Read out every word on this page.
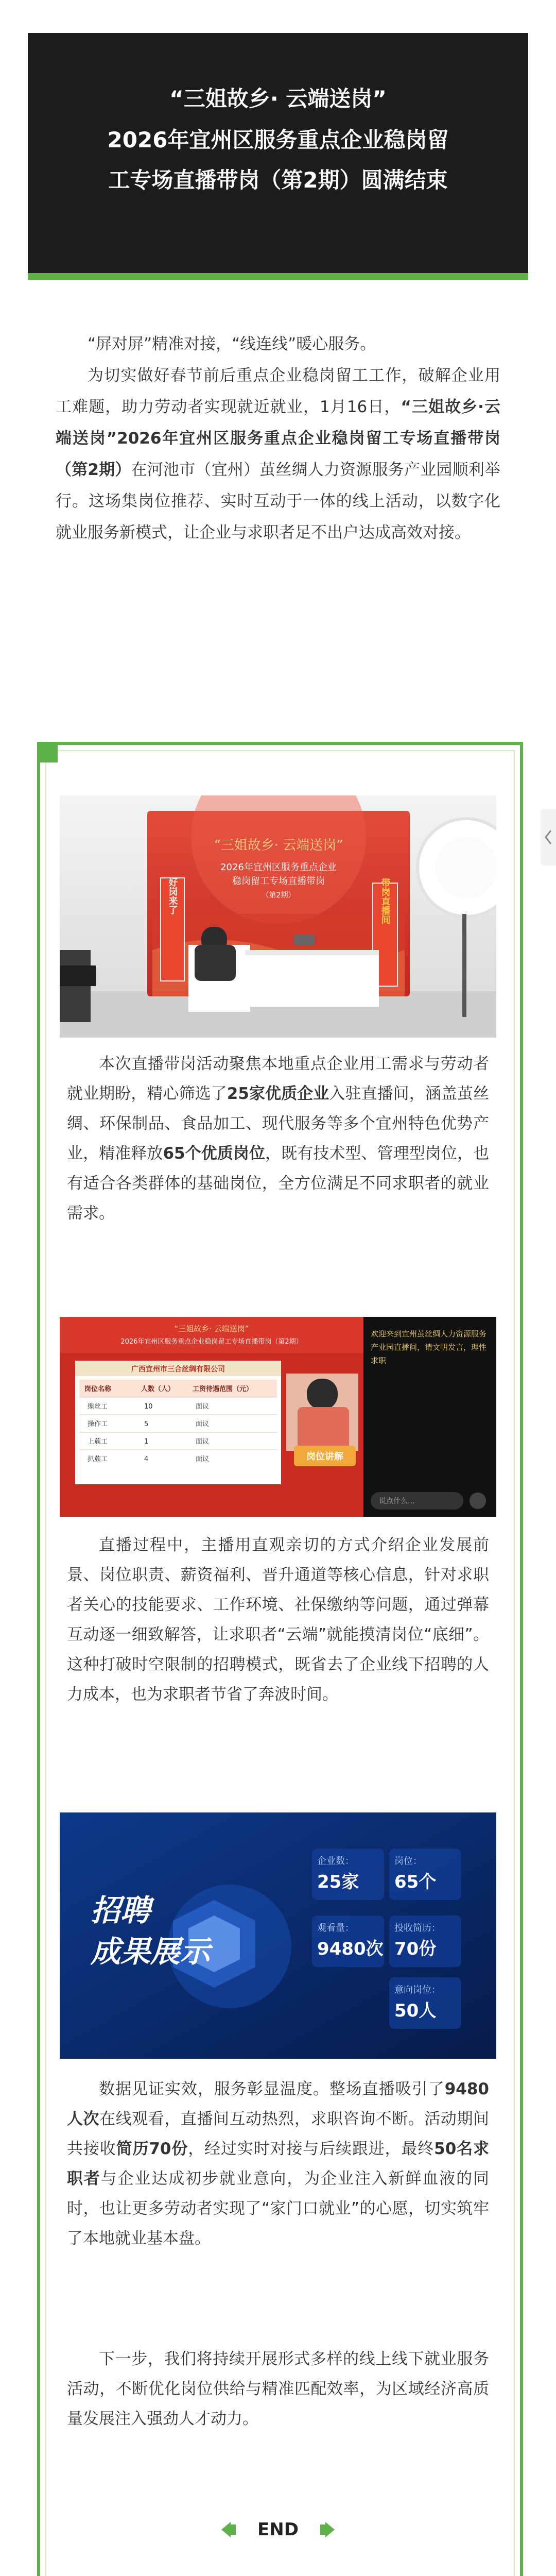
“三姐故乡· 云端送岗”
2026年宜州区服务重点企业稳岗留
工专场直播带岗（第2期）圆满结束

“屏对屏”精准对接，“线连线”暖心服务。

为切实做好春节前后重点企业稳岗留工工作，破解企业用工难题，助力劳动者实现就近就业，1月16日，“三姐故乡·云端送岗”2026年宜州区服务重点企业稳岗留工专场直播带岗（第2期）在河池市（宜州）茧丝绸人力资源服务产业园顺利举行。这场集岗位推荐、实时互动于一体的线上活动，以数字化就业服务新模式，让企业与求职者足不出户达成高效对接。

“三姐故乡· 云端送岗”
2026年宜州区服务重点企业
稳岗留工专场直播带岗
（第2期）
好岗来了	带岗直播间

本次直播带岗活动聚焦本地重点企业用工需求与劳动者就业期盼，精心筛选了25家优质企业入驻直播间，涵盖茧丝绸、环保制品、食品加工、现代服务等多个宜州特色优势产业，精准释放65个优质岗位，既有技术型、管理型岗位，也有适合各类群体的基础岗位，全方位满足不同求职者的就业需求。

“三姐故乡· 云端送岗”
2026年宜州区服务重点企业稳岗留工专场直播带岗（第2期）
广西宜州市三合丝绸有限公司
岗位名称	人数（人）	工资待遇范围（元）
缫丝工	10	面议
操作工	5	面议
上蔟工	1	面议
扒蔟工	4	面议	岗位讲解
欢迎来到宜州茧丝绸人力资源服务产业园直播间，请文明发言，理性求职
说点什么...

直播过程中，主播用直观亲切的方式介绍企业发展前景、岗位职责、薪资福利、晋升通道等核心信息，针对求职者关心的技能要求、工作环境、社保缴纳等问题，通过弹幕互动逐一细致解答，让求职者“云端”就能摸清岗位“底细”。这种打破时空限制的招聘模式，既省去了企业线下招聘的人力成本，也为求职者节省了奔波时间。

招聘
成果展示
企业数：
25家
岗位：
65个
观看量：
9480次
投收简历：
70份
意向岗位：
50人

数据见证实效，服务彰显温度。整场直播吸引了9480人次在线观看，直播间互动热烈，求职咨询不断。活动期间共接收简历70份，经过实时对接与后续跟进，最终50名求职者与企业达成初步就业意向，为企业注入新鲜血液的同时，也让更多劳动者实现了“家门口就业”的心愿，切实筑牢了本地就业基本盘。

下一步，我们将持续开展形式多样的线上线下就业服务活动，不断优化岗位供给与精准匹配效率，为区域经济高质量发展注入强劲人才动力。

END
